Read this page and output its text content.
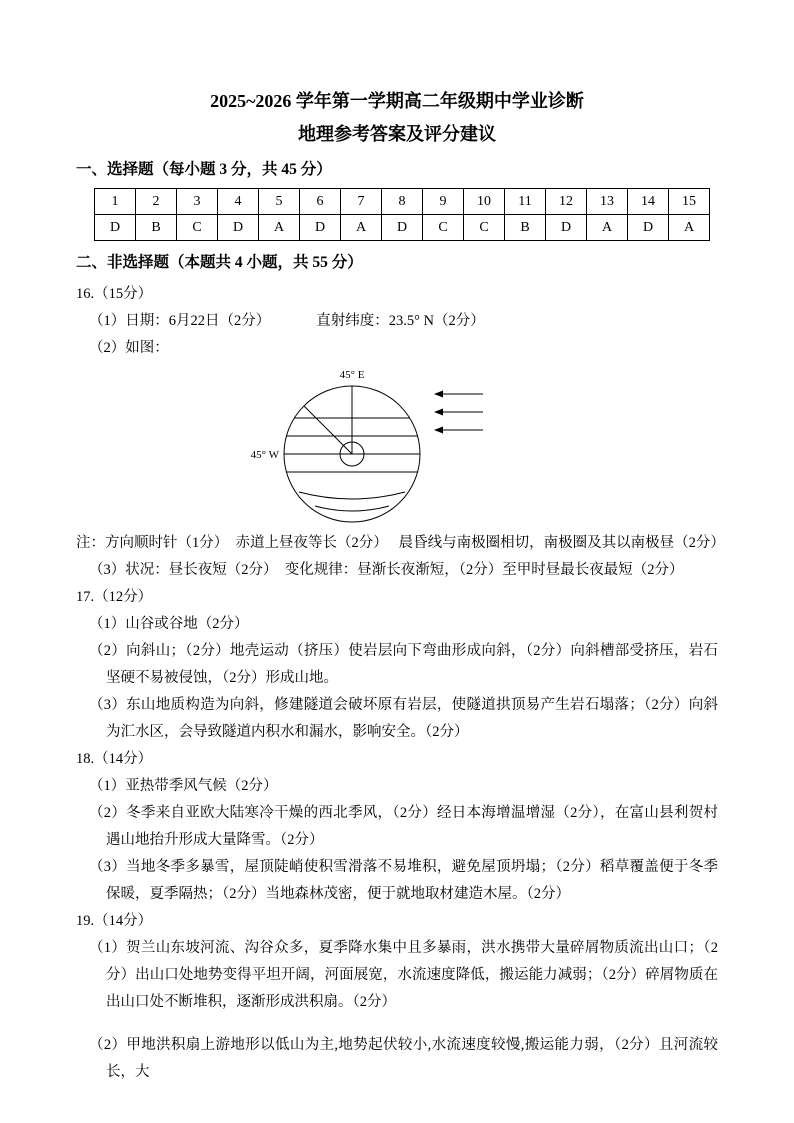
2025~2026 学年第一学期高二年级期中学业诊断
地理参考答案及评分建议
一、选择题（每小题 3 分，共 45 分）
1	2	3	4	5	6	7	8	9	10	11	12	13	14	15
D	B	C	D	A	D	A	D	C	C	B	D	A	D	A
二、非选择题（本题共 4 小题，共 55 分）

16.（15分）

（1）日期：6月22日（2分）	直射纬度：23.5° N（2分）

（2）如图：

45° E
45° W

注：方向顺时针（1分）  赤道上昼夜等长（2分）   晨昏线与南极圈相切，南极圈及其以南极昼（2分）

（3）状况：昼长夜短（2分）  变化规律：昼渐长夜渐短，（2分）至甲时昼最长夜最短（2分）

17.（12分）

（1）山谷或谷地（2分）

（2）向斜山；（2分）地壳运动（挤压）使岩层向下弯曲形成向斜，（2分）向斜槽部受挤压，岩石坚硬不易被侵蚀，（2分）形成山地。

（3）东山地质构造为向斜，修建隧道会破坏原有岩层，使隧道拱顶易产生岩石塌落；（2分）向斜为汇水区，会导致隧道内积水和漏水，影响安全。（2分）

18.（14分）

（1）亚热带季风气候（2分）

（2）冬季来自亚欧大陆寒冷干燥的西北季风，（2分）经日本海增温增湿（2分），在富山县利贺村遇山地抬升形成大量降雪。（2分）

（3）当地冬季多暴雪，屋顶陡峭使积雪滑落不易堆积，避免屋顶坍塌；（2分）稻草覆盖便于冬季保暖，夏季隔热；（2分）当地森林茂密，便于就地取材建造木屋。（2分）

19.（14分）

（1）贺兰山东坡河流、沟谷众多，夏季降水集中且多暴雨，洪水携带大量碎屑物质流出山口；（2分）出山口处地势变得平坦开阔，河面展宽，水流速度降低，搬运能力减弱；（2分）碎屑物质在出山口处不断堆积，逐渐形成洪积扇。（2分）

（2）甲地洪积扇上游地形以低山为主,地势起伏较小,水流速度较慢,搬运能力弱，（2分）且河流较长，大
